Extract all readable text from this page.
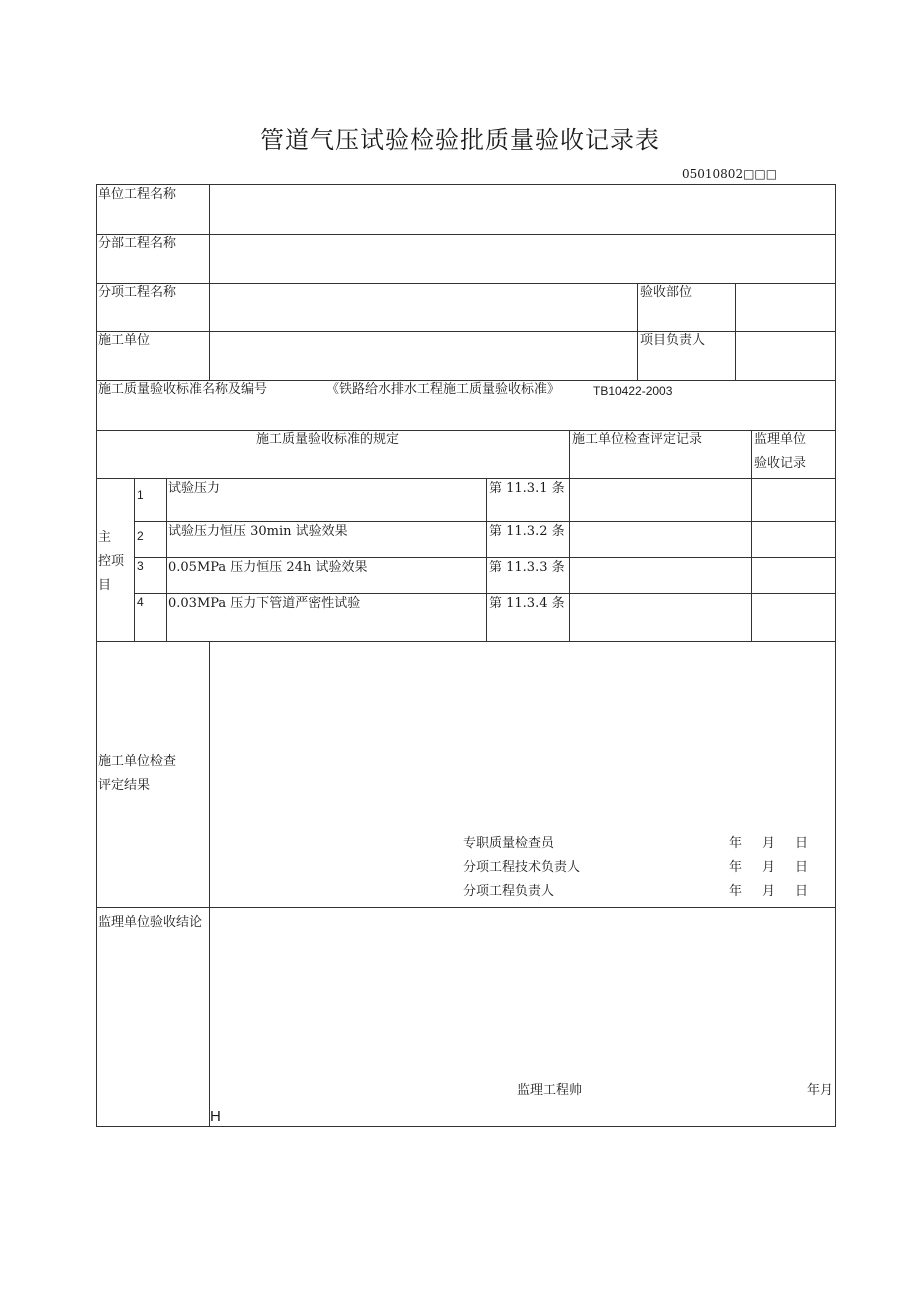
管道气压试验检验批质量验收记录表
05010802□□□
单位工程名称
分部工程名称
分项工程名称	验收部位
施工单位	项目负责人
施工质量验收标准名称及编号	《铁路给水排水工程施工质量验收标准》	TB10422-2003
施工质量验收标准的规定	施工单位检查评定记录	监理单位
验收记录
主
控项
目
1 试验压力	第 11.3.1 条
2 试验压力恒压 30min 试验效果	第 11.3.2 条
3 0.05MPa 压力恒压 24h 试验效果	第 11.3.3 条
4 0.03MPa 压力下管道严密性试验	第 11.3.4 条
施工单位检查
评定结果
专职质量检查员	年 月 日
分项工程技术负责人	年 月 日
分项工程负责人	年 月 日
监理单位验收结论
监理工程帅	年月
H
